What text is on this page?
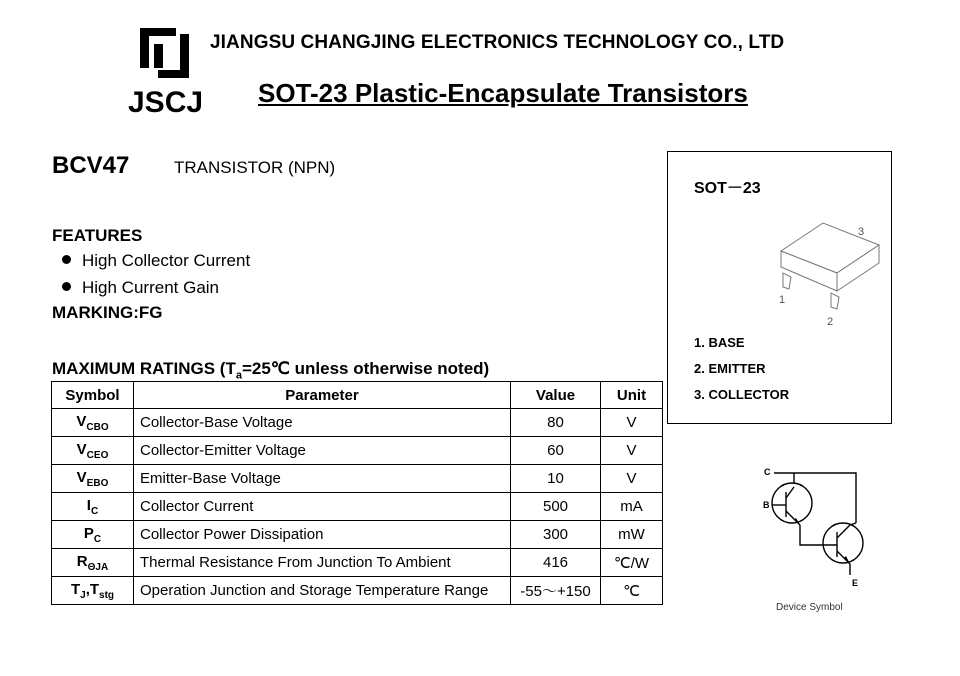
JSCJ
JIANGSU CHANGJING ELECTRONICS TECHNOLOGY CO., LTD
SOT-23 Plastic-Encapsulate Transistors
BCV47	TRANSISTOR (NPN)
FEATURES
High Collector Current
High Current Gain
MARKING:FG
MAXIMUM RATINGS ($T_a=25℃$ unless otherwise noted)
Symbol	Parameter	Value	Unit
$V_{CBO}$	Collector-Base Voltage	80	V
$V_{CEO}$	Collector-Emitter Voltage	60	V
$V_{EBO}$	Emitter-Base Voltage	10	V
$I_C$	Collector Current	500	mA
$P_C$	Collector Power Dissipation	300	mW
$R_{\Theta JA}$	Thermal Resistance From Junction To Ambient	416	℃/W
$T_J,T_{stg}$	Operation Junction and Storage Temperature Range	-55～+150	℃
SOT－23
3
1
2
1. BASE
2. EMITTER
3. COLLECTOR
C
B
E
Device Symbol
